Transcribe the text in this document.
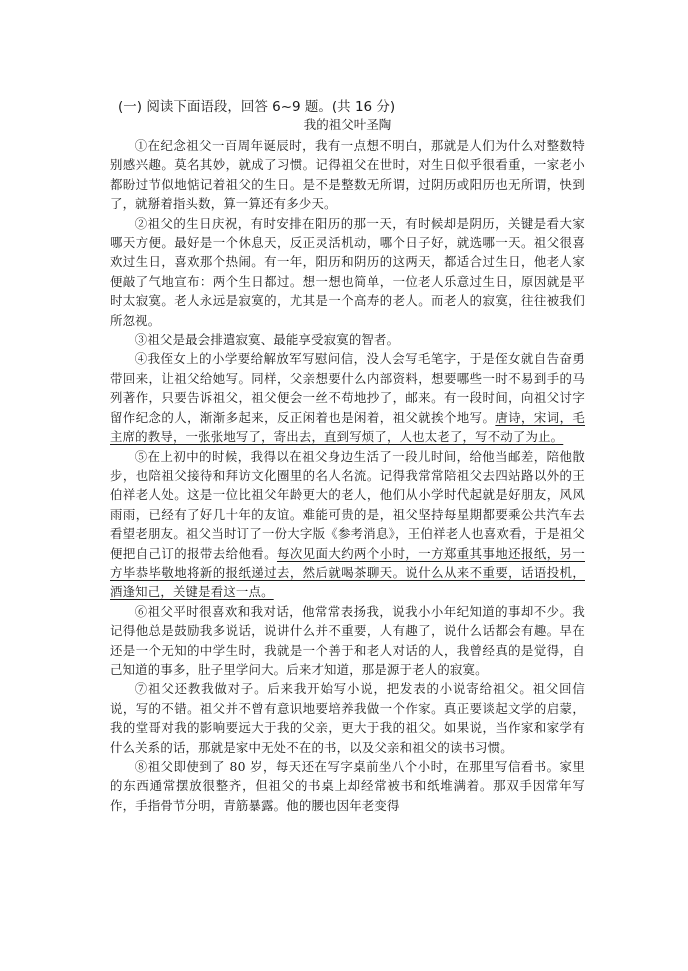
(一) 阅读下面语段，回答 6~9 题。(共 16 分)
我的祖父叶圣陶

①在纪念祖父一百周年诞辰时，我有一点想不明白，那就是人们为什么对整数特别感兴趣。莫名其妙，就成了习惯。记得祖父在世时，对生日似乎很看重，一家老小都盼过节似地惦记着祖父的生日。是不是整数无所谓，过阴历或阳历也无所谓，快到了，就掰着指头数，算一算还有多少天。

②祖父的生日庆祝，有时安排在阳历的那一天，有时候却是阴历，关键是看大家哪天方便。最好是一个休息天，反正灵活机动，哪个日子好，就选哪一天。祖父很喜欢过生日，喜欢那个热闹。有一年，阳历和阴历的这两天，都适合过生日，他老人家便敲了气地宣布：两个生日都过。想一想也简单，一位老人乐意过生日，原因就是平时太寂寞。老人永远是寂寞的，尤其是一个高寿的老人。而老人的寂寞，往往被我们所忽视。

③祖父是最会排遣寂寞、最能享受寂寞的智者。

④我侄女上的小学要给解放军写慰问信，没人会写毛笔字，于是侄女就自告奋勇带回来，让祖父给她写。同样，父亲想要什么内部资料，想要哪些一时不易到手的马列著作，只要告诉祖父，祖父便会一丝不苟地抄了，邮来。有一段时间，向祖父讨字留作纪念的人，渐渐多起来，反正闲着也是闲着，祖父就挨个地写。唐诗，宋词，毛主席的教导，一张张地写了，寄出去，直到写烦了，人也太老了，写不动了为止。

⑤在上初中的时候，我得以在祖父身边生活了一段儿时间，给他当邮差，陪他散步，也陪祖父接待和拜访文化圈里的名人名流。记得我常常陪祖父去四站路以外的王伯祥老人处。这是一位比祖父年龄更大的老人，他们从小学时代起就是好朋友，风风雨雨，已经有了好几十年的友谊。难能可贵的是，祖父坚持每星期都要乘公共汽车去看望老朋友。祖父当时订了一份大字版《参考消息》，王伯祥老人也喜欢看，于是祖父便把自己订的报带去给他看。每次见面大约两个小时，一方郑重其事地还报纸，另一方毕恭毕敬地将新的报纸递过去，然后就喝茶聊天。说什么从来不重要，话语投机，酒逢知己，关键是看这一点。

⑥祖父平时很喜欢和我对话，他常常表扬我，说我小小年纪知道的事却不少。我记得他总是鼓励我多说话，说讲什么并不重要，人有趣了，说什么话都会有趣。早在还是一个无知的中学生时，我就是一个善于和老人对话的人，我曾经真的是觉得，自己知道的事多，肚子里学问大。后来才知道，那是源于老人的寂寞。

⑦祖父还教我做对子。后来我开始写小说，把发表的小说寄给祖父。祖父回信说，写的不错。祖父并不曾有意识地要培养我做一个作家。真正要谈起文学的启蒙，我的堂哥对我的影响要远大于我的父亲，更大于我的祖父。如果说，当作家和家学有什么关系的话，那就是家中无处不在的书，以及父亲和祖父的读书习惯。

⑧祖父即使到了 80 岁，每天还在写字桌前坐八个小时，在那里写信看书。家里的东西通常摆放很整齐，但祖父的书桌上却经常被书和纸堆满着。那双手因常年写作，手指骨节分明，青筋暴露。他的腰也因年老变得
